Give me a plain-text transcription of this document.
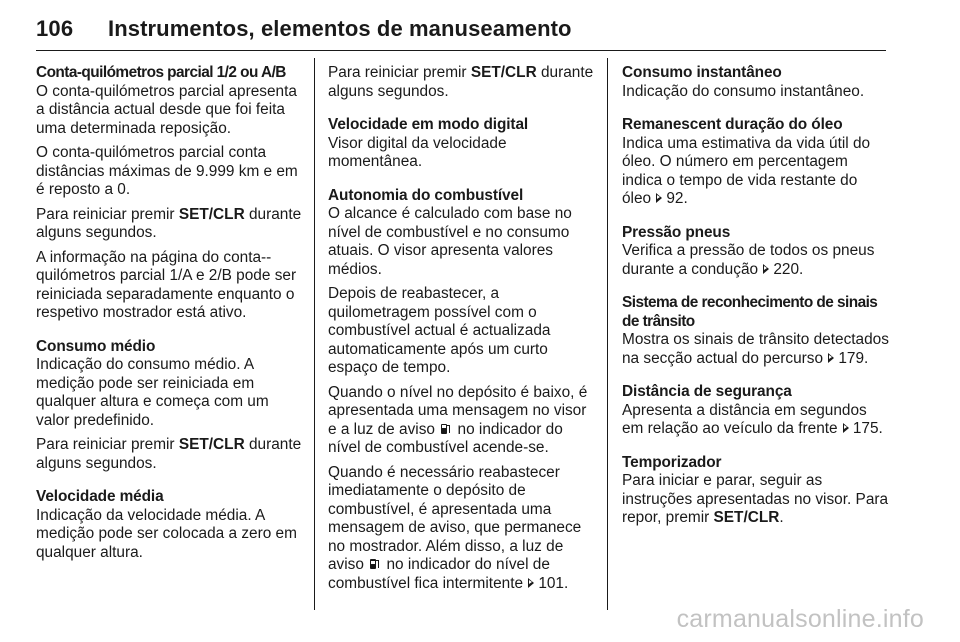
106 Instrumentos, elementos de manuseamento
Conta-quilómetros parcial 1/2 ou A/B

O conta-quilómetros parcial apresenta a distância actual desde que foi feita uma determinada reposição.

O conta-quilómetros parcial conta distâncias máximas de 9.999 km e em é reposto a 0.

Para reiniciar premir SET/CLR durante alguns segundos.

A informação na página do conta--quilómetros parcial 1/A e 2/B pode ser reiniciada separadamente enquanto o respetivo mostrador está ativo.

Consumo médio

Indicação do consumo médio. A medição pode ser reiniciada em qualquer altura e começa com um valor predefinido.

Para reiniciar premir SET/CLR durante alguns segundos.

Velocidade média

Indicação da velocidade média. A medição pode ser colocada a zero em qualquer altura.

Para reiniciar premir SET/CLR durante alguns segundos.

Velocidade em modo digital

Visor digital da velocidade momentânea.

Autonomia do combustível

O alcance é calculado com base no nível de combustível e no consumo atuais. O visor apresenta valores médios.

Depois de reabastecer, a quilometragem possível com o combustível actual é actualizada automaticamente após um curto espaço de tempo.

Quando o nível no depósito é baixo, é apresentada uma mensagem no visor e a luz de aviso
no indicador do nível de combustível acende-se.

Quando é necessário reabastecer imediatamente o depósito de combustível, é apresentada uma mensagem de aviso, que permanece no mostrador. Além disso, a luz de aviso
no indicador do nível de combustível fica intermitente 101.

Consumo instantâneo

Indicação do consumo instantâneo.

Remanescent duração do óleo

Indica uma estimativa da vida útil do óleo. O número em percentagem indica o tempo de vida restante do óleo 92.

Pressão pneus

Verifica a pressão de todos os pneus durante a condução 220.

Sistema de reconhecimento de sinais de trânsito

Mostra os sinais de trânsito detectados na secção actual do percurso 179.

Distância de segurança

Apresenta a distância em segundos em relação ao veículo da frente 175.

Temporizador

Para iniciar e parar, seguir as instruções apresentadas no visor. Para repor, premir SET/CLR.

carmanualsonline.info
